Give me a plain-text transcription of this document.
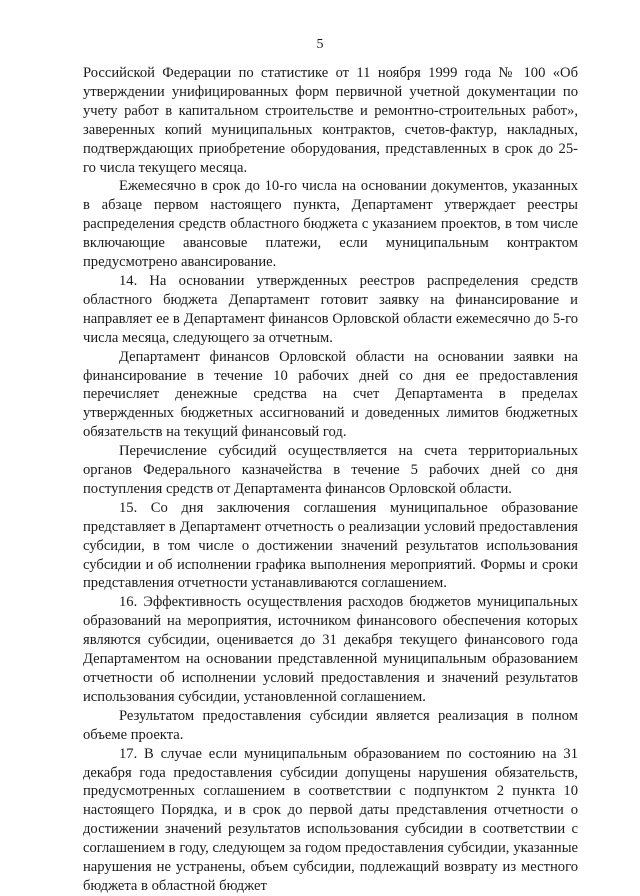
5

Российской Федерации по статистике от 11 ноября 1999 года № 100 «Об утверждении унифицированных форм первичной учетной документации по учету работ в капитальном строительстве и ремонтно-строительных работ», заверенных копий муниципальных контрактов, счетов-фактур, накладных, подтверждающих приобретение оборудования, представленных в срок до 25-го числа текущего месяца.

Ежемесячно в срок до 10-го числа на основании документов, указанных в абзаце первом настоящего пункта, Департамент утверждает реестры распределения средств областного бюджета с указанием проектов, в том числе включающие авансовые платежи, если муниципальным контрактом предусмотрено авансирование.

14. На основании утвержденных реестров распределения средств областного бюджета Департамент готовит заявку на финансирование и направляет ее в Департамент финансов Орловской области ежемесячно до 5-го числа месяца, следующего за отчетным.

Департамент финансов Орловской области на основании заявки на финансирование в течение 10 рабочих дней со дня ее предоставления перечисляет денежные средства на счет Департамента в пределах утвержденных бюджетных ассигнований и доведенных лимитов бюджетных обязательств на текущий финансовый год.

Перечисление субсидий осуществляется на счета территориальных органов Федерального казначейства в течение 5 рабочих дней со дня поступления средств от Департамента финансов Орловской области.

15. Со дня заключения соглашения муниципальное образование представляет в Департамент отчетность о реализации условий предоставления субсидии, в том числе о достижении значений результатов использования субсидии и об исполнении графика выполнения мероприятий. Формы и сроки представления отчетности устанавливаются соглашением.

16. Эффективность осуществления расходов бюджетов муниципальных образований на мероприятия, источником финансового обеспечения которых являются субсидии, оценивается до 31 декабря текущего финансового года Департаментом на основании представленной муниципальным образованием отчетности об исполнении условий предоставления и значений результатов использования субсидии, установленной соглашением.

Результатом предоставления субсидии является реализация в полном объеме проекта.

17. В случае если муниципальным образованием по состоянию на 31 декабря года предоставления субсидии допущены нарушения обязательств, предусмотренных соглашением в соответствии с подпунктом 2 пункта 10 настоящего Порядка, и в срок до первой даты представления отчетности о достижении значений результатов использования субсидии в соответствии с соглашением в году, следующем за годом предоставления субсидии, указанные нарушения не устранены, объем субсидии, подлежащий возврату из местного бюджета в областной бюджет
